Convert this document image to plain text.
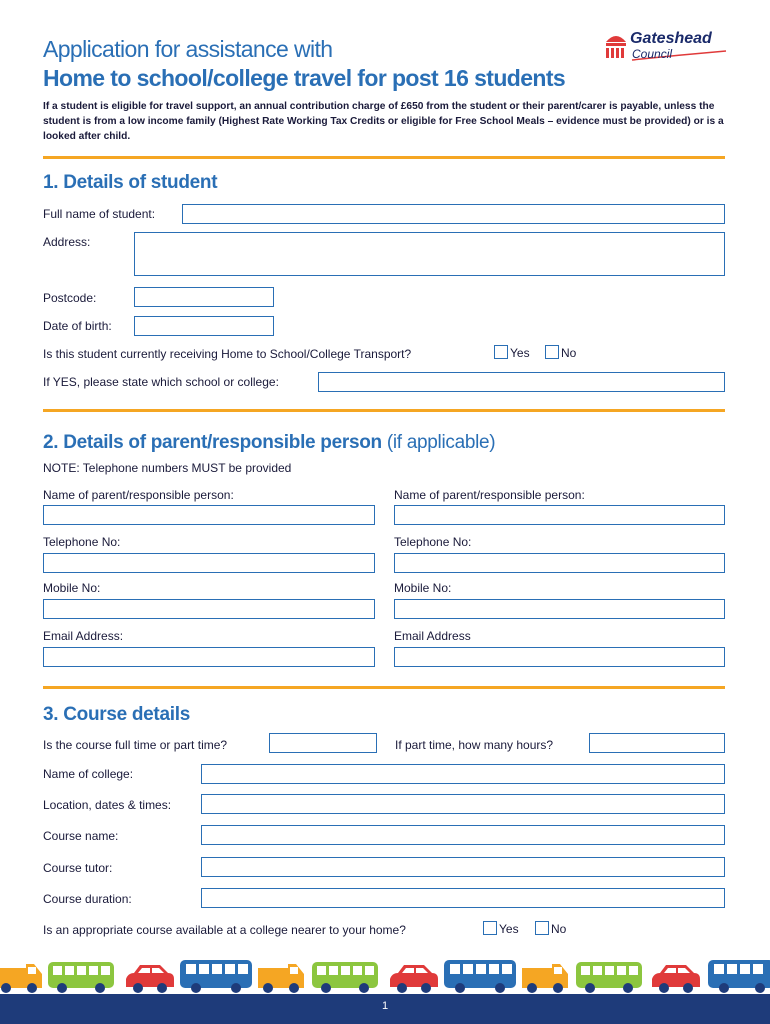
Application for assistance with
Home to school/college travel for post 16 students
Gateshead
Council
If a student is eligible for travel support, an annual contribution charge of £650 from the student or their parent/carer is payable, unless the student is from a low income family (Highest Rate Working Tax Credits or eligible for Free School Meals – evidence must be provided) or is a looked after child.
1. Details of student
Full name of student:
Address:
Postcode:
Date of birth:
Is this student currently receiving Home to School/College Transport?	Yes	No
If YES, please state which school or college:
2. Details of parent/responsible person (if applicable)
NOTE: Telephone numbers MUST be provided
Name of parent/responsible person:	Name of parent/responsible person:
Telephone No:	Telephone No:
Mobile No:	Mobile No:
Email Address:	Email Address
3. Course details
Is the course full time or part time?	If part time, how many hours?
Name of college:
Location, dates & times:
Course name:
Course tutor:
Course duration:
Is an appropriate course available at a college nearer to your home?	Yes	No
1
